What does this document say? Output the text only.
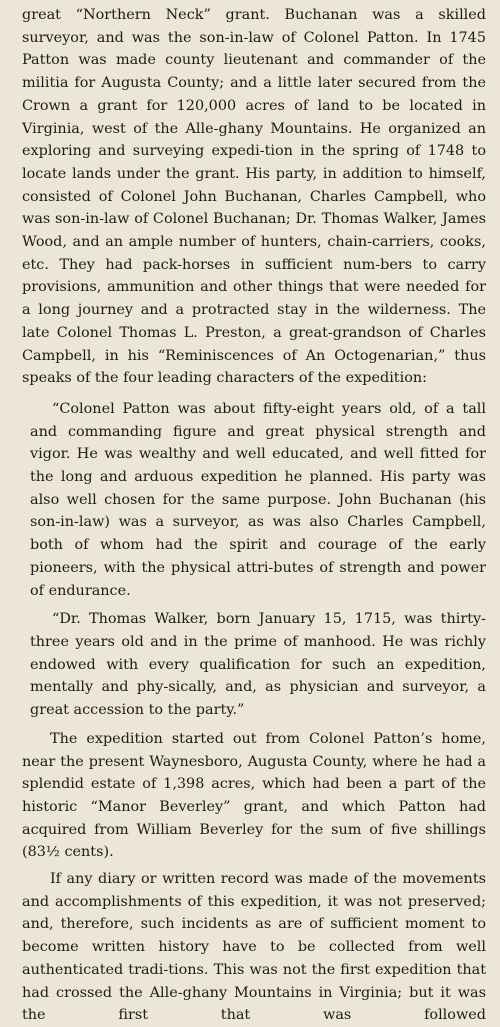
great “Northern Neck” grant. Buchanan was a skilled surveyor, and was the son-in-law of Colonel Patton. In 1745 Patton was made county lieutenant and commander of the militia for Augusta County; and a little later secured from the Crown a grant for 120,000 acres of land to be located in Virginia, west of the Alle-ghany Mountains. He organized an exploring and surveying expedi-tion in the spring of 1748 to locate lands under the grant. His party, in addition to himself, consisted of Colonel John Buchanan, Charles Campbell, who was son-in-law of Colonel Buchanan; Dr. Thomas Walker, James Wood, and an ample number of hunters, chain-carriers, cooks, etc. They had pack-horses in sufficient num-bers to carry provisions, ammunition and other things that were needed for a long journey and a protracted stay in the wilderness. The late Colonel Thomas L. Preston, a great-grandson of Charles Campbell, in his “Reminiscences of An Octogenarian,” thus speaks of the four leading characters of the expedition:

“Colonel Patton was about fifty-eight years old, of a tall and commanding figure and great physical strength and vigor. He was wealthy and well educated, and well fitted for the long and arduous expedition he planned. His party was also well chosen for the same purpose. John Buchanan (his son-in-law) was a surveyor, as was also Charles Campbell, both of whom had the spirit and courage of the early pioneers, with the physical attri-butes of strength and power of endurance.

“Dr. Thomas Walker, born January 15, 1715, was thirty-three years old and in the prime of manhood. He was richly endowed with every qualification for such an expedition, mentally and phy-sically, and, as physician and surveyor, a great accession to the party.”

The expedition started out from Colonel Patton’s home, near the present Waynesboro, Augusta County, where he had a splendid estate of 1,398 acres, which had been a part of the historic “Manor Beverley” grant, and which Patton had acquired from William Beverley for the sum of five shillings (83½ cents).

If any diary or written record was made of the movements and accomplishments of this expedition, it was not preserved; and, therefore, such incidents as are of sufficient moment to become written history have to be collected from well authenticated tradi-tions. This was not the first expedition that had crossed the Alle-ghany Mountains in Virginia; but it was the first that was followed
